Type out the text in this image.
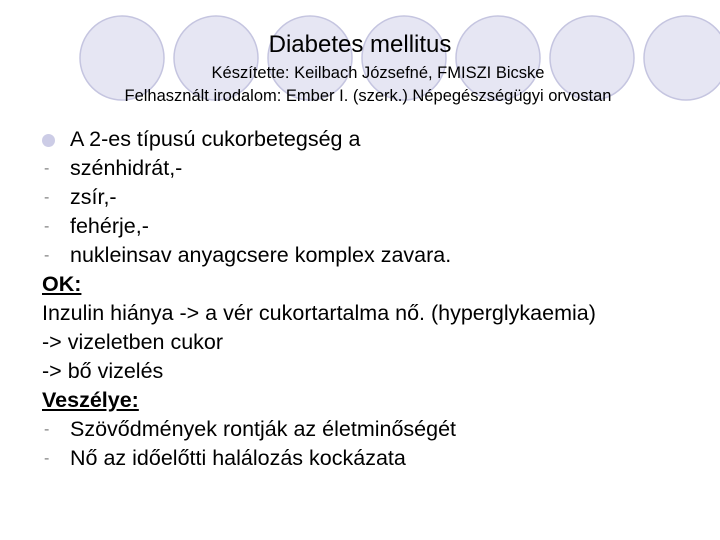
Diabetes mellitus
Készítette: Keilbach Józsefné, FMISZI Bicske
Felhasznált irodalom: Ember I. (szerk.) Népegészségügyi orvostan
A 2-es típusú cukorbetegség a
- szénhidrát,-
- zsír,-
- fehérje,-
- nukleinsav anyagcsere komplex zavara.
OK:
Inzulin hiánya -> a vér cukortartalma nő. (hyperglykaemia)
-> vizeletben cukor
-> bő vizelés
Veszélye:
- Szövődmények rontják az életminőségét
- Nő az időelőtti halálozás kockázata
